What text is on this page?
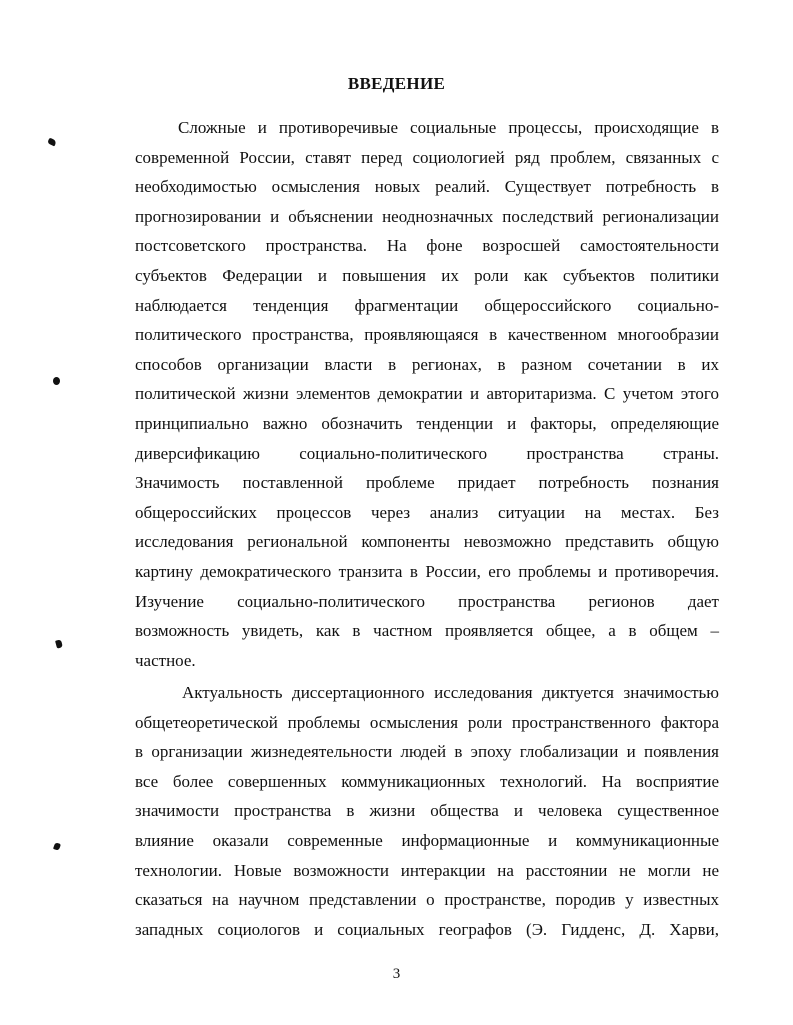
ВВЕДЕНИЕ
Сложные и противоречивые социальные процессы, происходящие в
современной России, ставят перед социологией ряд проблем, связанных с
необходимостью осмысления новых реалий. Существует потребность в
прогнозировании и объяснении неоднозначных последствий регионализации
постсоветского пространства. На фоне возросшей самостоятельности
субъектов Федерации и повышения их роли как субъектов политики
наблюдается тенденция фрагментации общероссийского социально-
политического пространства, проявляющаяся в качественном многообразии
способов организации власти в регионах, в разном сочетании в их
политической жизни элементов демократии и авторитаризма. С учетом этого
принципиально важно обозначить тенденции и факторы, определяющие
диверсификацию социально-политического пространства страны.
Значимость поставленной проблеме придает потребность познания
общероссийских процессов через анализ ситуации на местах. Без
исследования региональной компоненты невозможно представить общую
картину демократического транзита в России, его проблемы и противоречия.
Изучение социально-политического пространства регионов дает
возможность увидеть, как в частном проявляется общее, а в общем –
частное.
Актуальность диссертационного исследования диктуется значимостью
общетеоретической проблемы осмысления роли пространственного фактора
в организации жизнедеятельности людей в эпоху глобализации и появления
все более совершенных коммуникационных технологий. На восприятие
значимости пространства в жизни общества и человека существенное
влияние оказали современные информационные и коммуникационные
технологии. Новые возможности интеракции на расстоянии не могли не
сказаться на научном представлении о пространстве, породив у известных
западных социологов и социальных географов (Э. Гидденс, Д. Харви,
3
